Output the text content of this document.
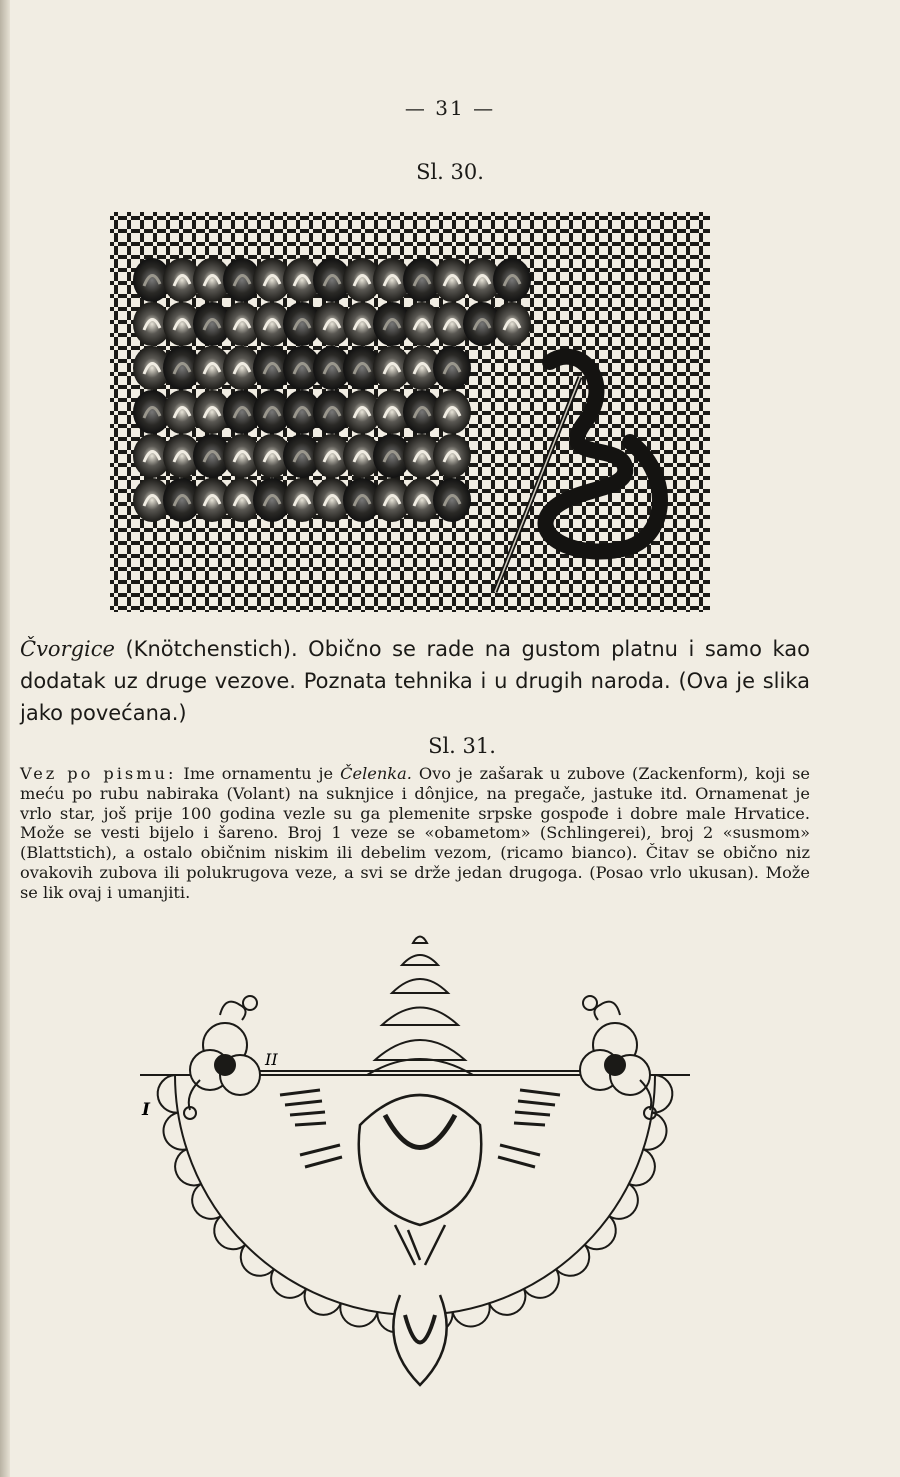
— 31 —
Sl. 30.
Čvorgice (Knötchenstich). Obično se rade na gustom platnu i samo kao dodatak uz druge vezove. Poznata tehnika i u drugih naroda. (Ova je slika jako povećana.)
Sl. 31.
Vez po pismu: Ime ornamentu je Čelenka. Ovo je zašarak u zubove (Zackenform), koji se meću po rubu nabiraka (Volant) na suknjice i dônjice, na pregače, jastuke itd. Ornamenat je vrlo star, još prije 100 godina vezle su ga plemenite srpske gospođe i dobre male Hrvatice. Može se vesti bijelo i šareno. Broj 1 veze se «obametom» (Schlingerei), broj 2 «susmom» (Blattstich), a ostalo običnim niskim ili debelim vezom, (ricamo bianco). Čitav se obično niz ovakovih zubova ili polukrugova veze, a svi se drže jedan drugoga. (Posao vrlo ukusan). Može se lik ovaj i umanjiti.
II
I
